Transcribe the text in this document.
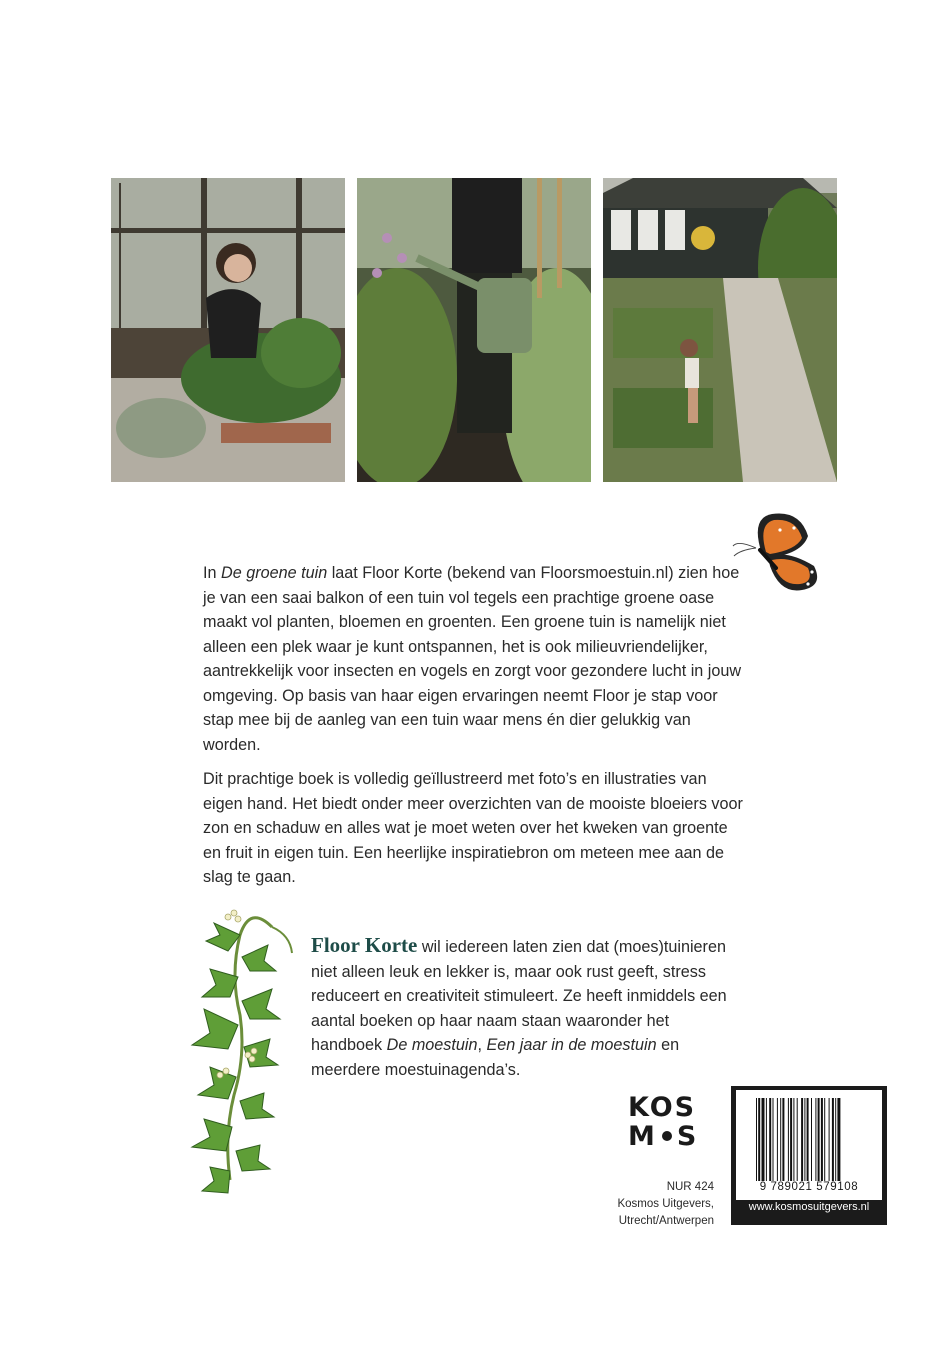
In De groene tuin laat Floor Korte (bekend van Floorsmoestuin.nl) zien hoe je van een saai balkon of een tuin vol tegels een prachtige groene oase maakt vol planten, bloemen en groenten. Een groene tuin is namelijk niet alleen een plek waar je kunt ontspannen, het is ook milieuvriendelijker, aantrekkelijk voor insecten en vogels en zorgt voor gezondere lucht in jouw omgeving. Op basis van haar eigen ervaringen neemt Floor je stap voor stap mee bij de aanleg van een tuin waar mens én dier gelukkig van worden.

Dit prachtige boek is volledig geïllustreerd met foto’s en illustraties van eigen hand. Het biedt onder meer overzichten van de mooiste bloeiers voor zon en schaduw en alles wat je moet weten over het kweken van groente en fruit in eigen tuin. Een heerlijke inspiratiebron om meteen mee aan de slag te gaan.

Floor Korte wil iedereen laten zien dat (moes)tuinieren niet alleen leuk en lekker is, maar ook rust geeft, stress reduceert en creativiteit stimuleert. Ze heeft inmiddels een aantal boeken op haar naam staan waaronder het handboek De moestuin, Een jaar in de moestuin en meerdere moestuinagenda’s.

KOS
M S
NUR 424
Kosmos Uitgevers,
Utrecht/Antwerpen
9 789021 579108
www.kosmosuitgevers.nl
